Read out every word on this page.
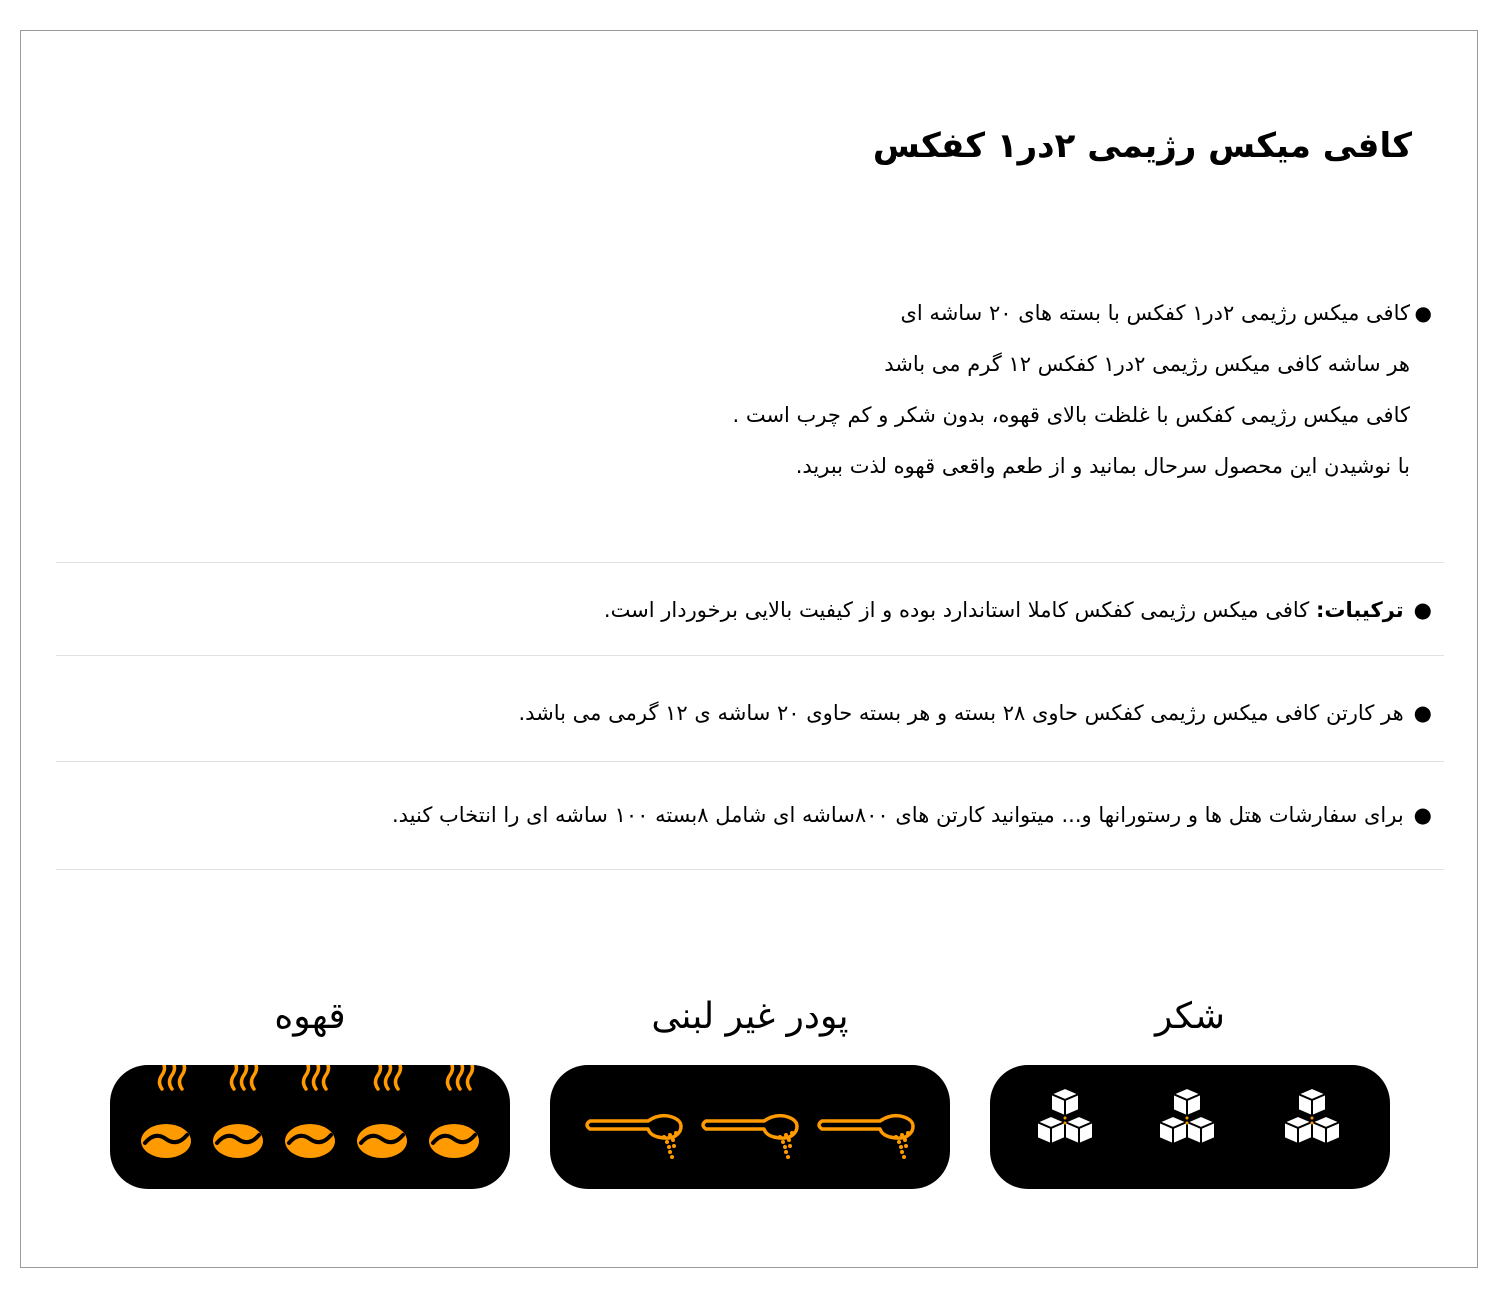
کافی میکس رژیمی ۲در۱ کفکس
●
کافی میکس رژیمی ۲در۱ کفکس با بسته های ۲۰ ساشه ای
هر ساشه کافی میکس رژیمی ۲در۱ کفکس ۱۲ گرم می باشد
کافی میکس رژیمی کفکس با غلظت بالای قهوه، بدون شکر و کم چرب است .
با نوشیدن این محصول سرحال بمانید و از طعم واقعی قهوه لذت ببرید.
●ترکیبات: کافی میکس رژیمی کفکس کاملا استاندارد بوده و از کیفیت بالایی برخوردار است.
●هر کارتن کافی میکس رژیمی کفکس حاوی ۲۸ بسته و هر بسته حاوی ۲۰ ساشه ی ۱۲ گرمی می باشد.
●برای سفارشات هتل ها و رستورانها و... میتوانید کارتن های ۸۰۰ساشه ای شامل ۸بسته ۱۰۰ ساشه ای را انتخاب کنید.
قهوه	پودر غیر لبنی	شکر
